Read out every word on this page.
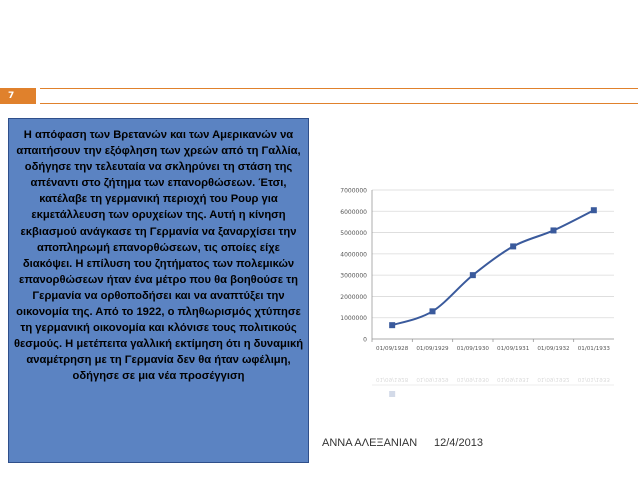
7
Η απόφαση των Βρετανών και των Αμερικανών να απαιτήσουν την εξόφληση των χρεών από τη Γαλλία, οδήγησε την τελευταία να σκληρύνει τη στάση της απέναντι στο ζήτημα των επανορθώσεων. Έτσι, κατέλαβε τη γερμανική περιοχή του Ρουρ για εκμετάλλευση των ορυχείων της. Αυτή η κίνηση εκβιασμού ανάγκασε τη Γερμανία να ξαναρχίσει την αποπληρωμή επανορθώσεων, τις οποίες είχε διακόψει. Η επίλυση του ζητήματος των πολεμικών επανορθώσεων ήταν ένα μέτρο που θα βοηθούσε τη Γερμανία να ορθοποδήσει και να αναπτύξει την οικονομία της. Από το 1922, ο πληθωρισμός χτύπησε τη γερμανική οικονομία και κλόνισε τους πολιτικούς θεσμούς. Η μετέπειτα γαλλική εκτίμηση ότι η δυναμική αναμέτρηση με τη Γερμανία δεν θα ήταν ωφέλιμη, οδήγησε σε μια νέα προσέγγιση
0
1000000
2000000
3000000
4000000
5000000
6000000
7000000
01/09/1928 01/09/1929 01/09/1930 01/09/1931 01/09/1932 01/01/1933
01/09/1928 01/09/1929 01/09/1930 01/09/1931 01/09/1932 01/01/1933
ΑΝΝΑ ΑΛΕΞΑΝΙΑΝ 12/4/2013
